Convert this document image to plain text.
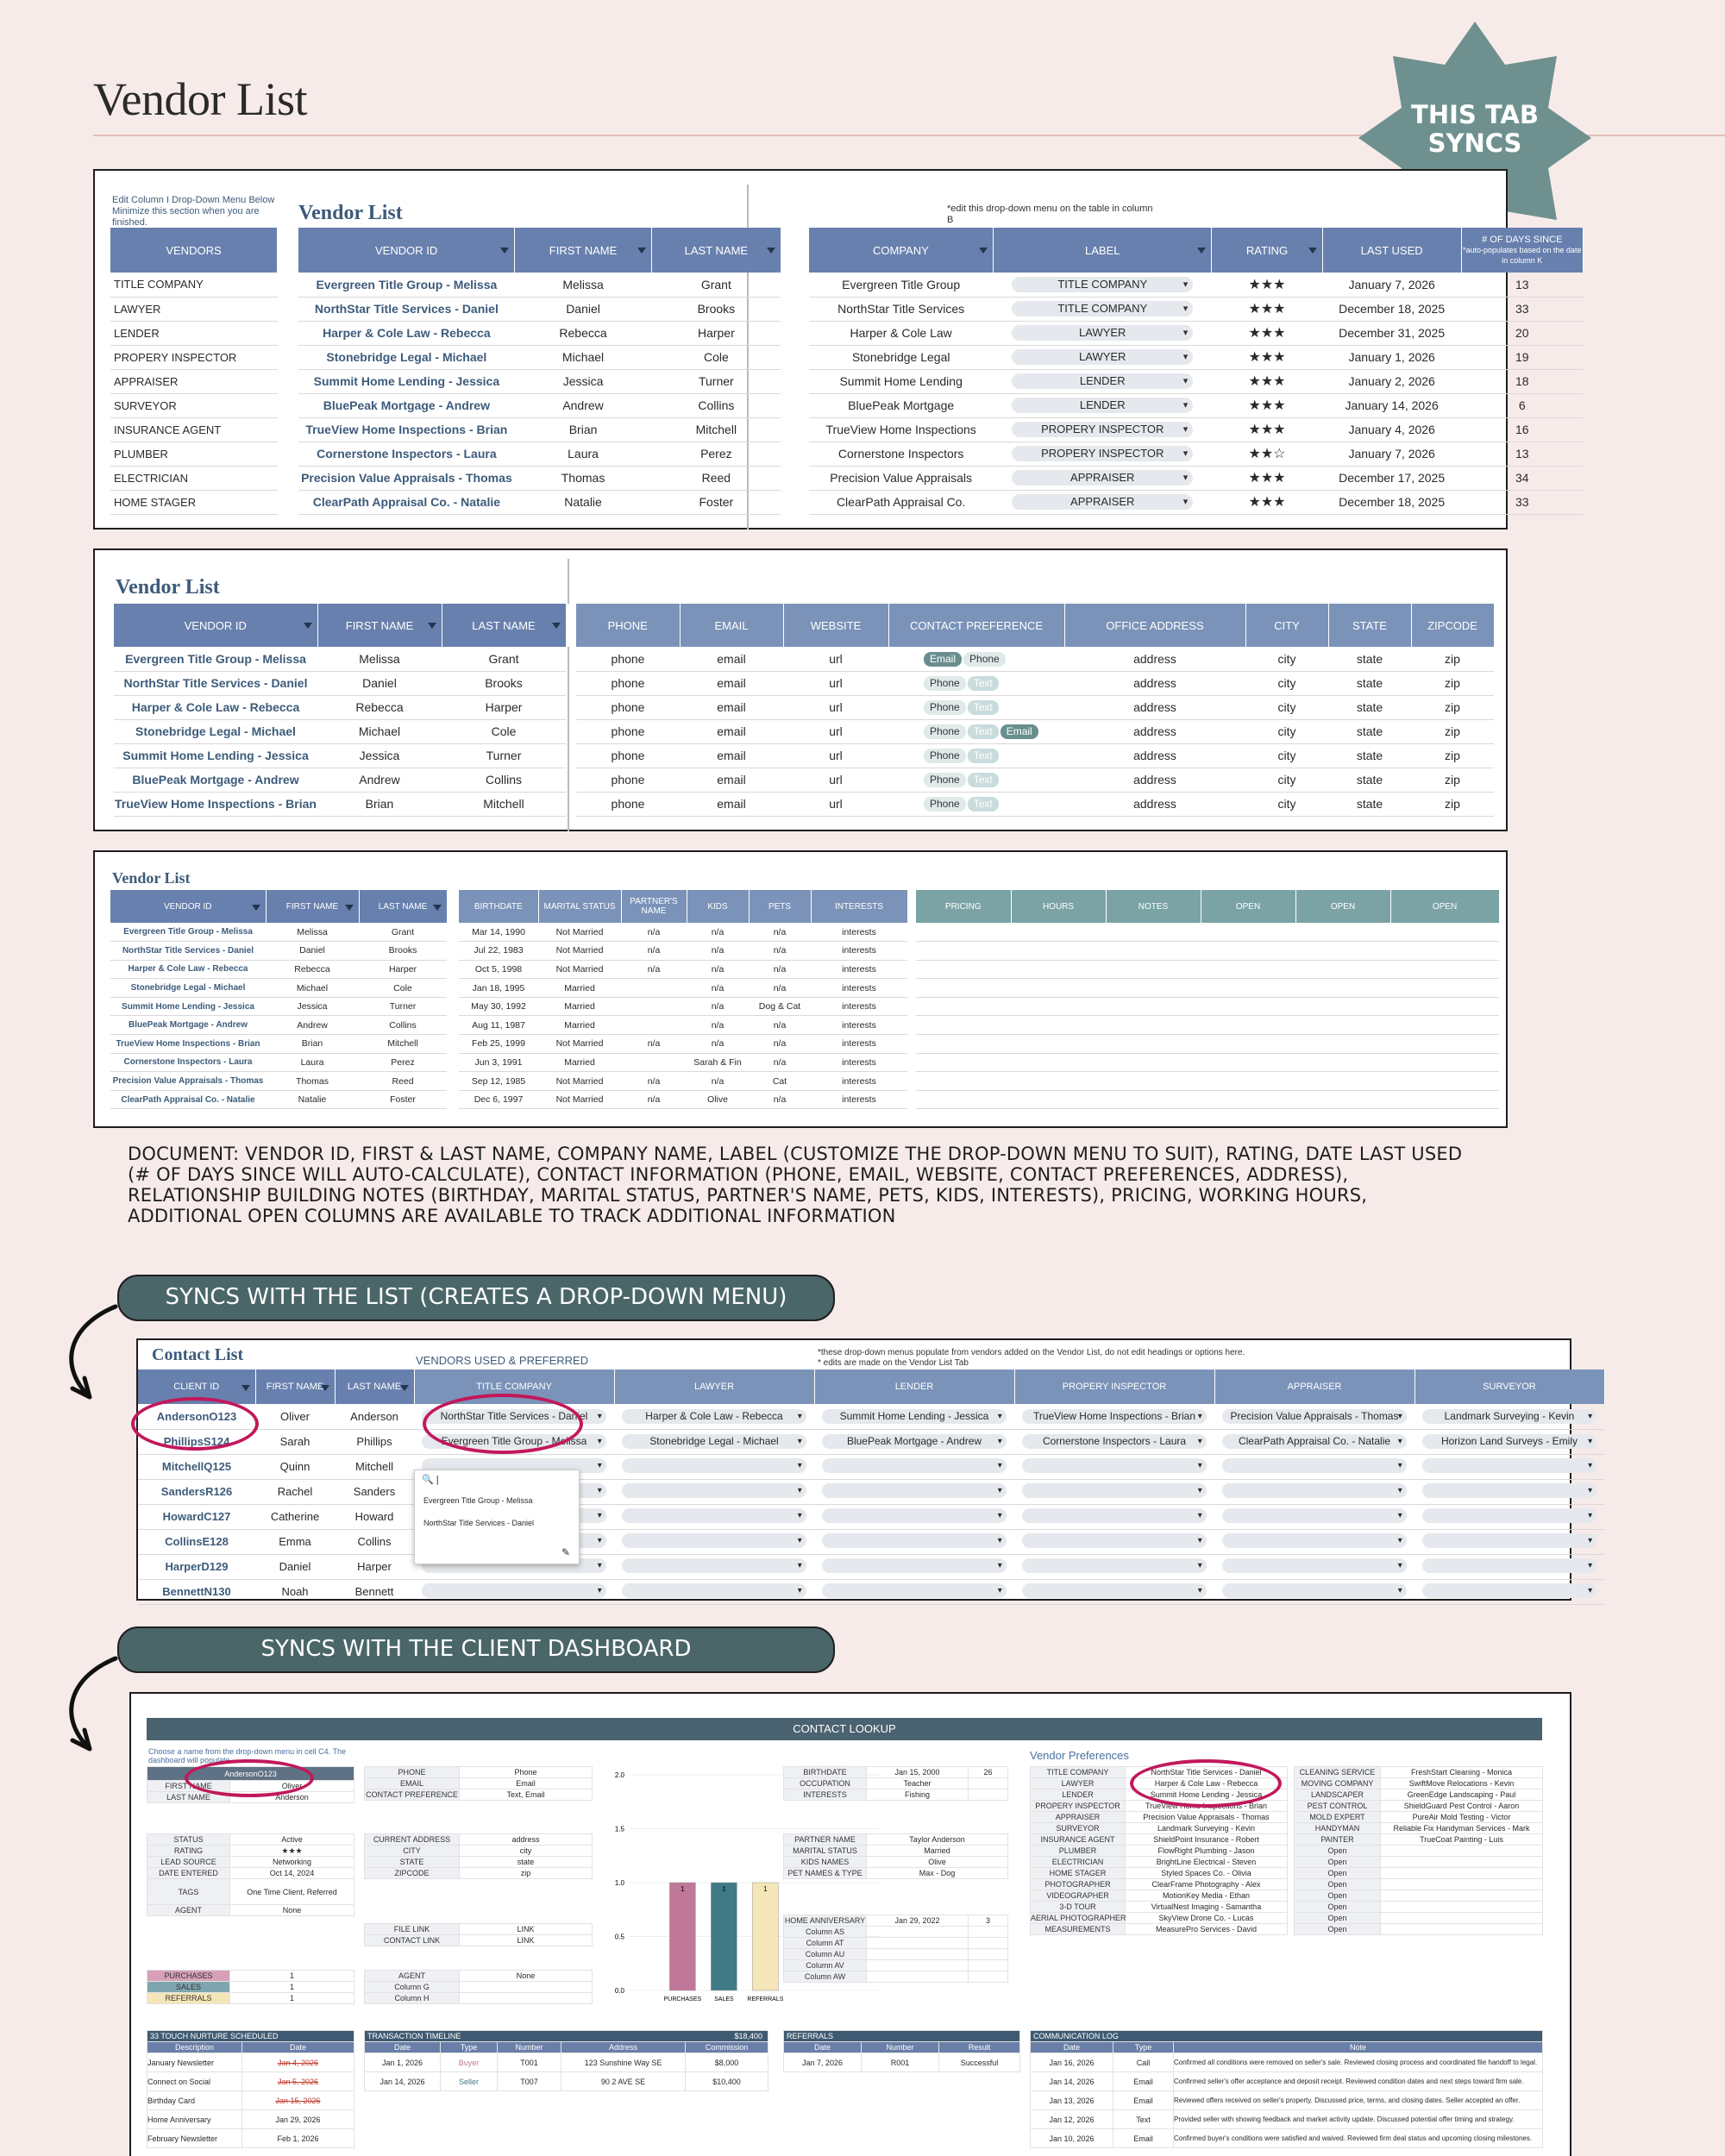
Vendor List	THIS TAB
SYNCS
Edit Column I Drop-Down Menu Below Minimize this section when you are finished.	Vendor List	*edit this drop-down menu on the table in column B
VENDORS
TITLE COMPANY
LAWYER
LENDER
PROPERY INSPECTOR
APPRAISER
SURVEYOR
INSURANCE AGENT
PLUMBER
ELECTRICIAN
HOME STAGER
VENDOR ID	FIRST NAME	LAST NAME		COMPANY	LABEL	RATING	LAST USED	# OF DAYS SINCE
*auto-populates based on the date in column K

Evergreen Title Group - Melissa	Melissa	Grant		Evergreen Title Group	TITLE COMPANY ▾	★★★	January 7, 2026	13
NorthStar Title Services - Daniel	Daniel	Brooks		NorthStar Title Services	TITLE COMPANY ▾	★★★	December 18, 2025	33
Harper & Cole Law - Rebecca	Rebecca	Harper		Harper & Cole Law	LAWYER ▾	★★★	December 31, 2025	20
Stonebridge Legal - Michael	Michael	Cole		Stonebridge Legal	LAWYER ▾	★★★	January 1, 2026	19
Summit Home Lending - Jessica	Jessica	Turner		Summit Home Lending	LENDER ▾	★★★	January 2, 2026	18
BluePeak Mortgage - Andrew	Andrew	Collins		BluePeak Mortgage	LENDER ▾	★★★	January 14, 2026	6
TrueView Home Inspections - Brian	Brian	Mitchell		TrueView Home Inspections	PROPERY INSPECTOR ▾	★★★	January 4, 2026	16
Cornerstone Inspectors - Laura	Laura	Perez		Cornerstone Inspectors	PROPERY INSPECTOR ▾	★★☆	January 7, 2026	13
Precision Value Appraisals - Thomas	Thomas	Reed		Precision Value Appraisals	APPRAISER ▾	★★★	December 17, 2025	34
ClearPath Appraisal Co. - Natalie	Natalie	Foster		ClearPath Appraisal Co.	APPRAISER ▾	★★★	December 18, 2025	33
Vendor List
VENDOR ID	FIRST NAME	LAST NAME		PHONE	EMAIL	WEBSITE	CONTACT PREFERENCE	OFFICE ADDRESS	CITY	STATE	ZIPCODE
Evergreen Title Group - Melissa	Melissa	Grant		phone	email	url	Email Phone	address	city	state	zip
NorthStar Title Services - Daniel	Daniel	Brooks		phone	email	url	Phone Text	address	city	state	zip
Harper & Cole Law - Rebecca	Rebecca	Harper		phone	email	url	Phone Text	address	city	state	zip
Stonebridge Legal - Michael	Michael	Cole		phone	email	url	Phone Text Email	address	city	state	zip
Summit Home Lending - Jessica	Jessica	Turner		phone	email	url	Phone Text	address	city	state	zip
BluePeak Mortgage - Andrew	Andrew	Collins		phone	email	url	Phone Text	address	city	state	zip
TrueView Home Inspections - Brian	Brian	Mitchell		phone	email	url	Phone Text	address	city	state	zip
Vendor List
VENDOR ID	FIRST NAME	LAST NAME		BIRTHDATE	MARITAL STATUS	PARTNER'S NAME	KIDS	PETS	INTERESTS		PRICING	HOURS	NOTES	OPEN	OPEN	OPEN
Evergreen Title Group - Melissa	Melissa	Grant		Mar 14, 1990	Not Married	n/a	n/a	n/a	interests							
NorthStar Title Services - Daniel	Daniel	Brooks		Jul 22, 1983	Not Married	n/a	n/a	n/a	interests							
Harper & Cole Law - Rebecca	Rebecca	Harper		Oct 5, 1998	Not Married	n/a	n/a	n/a	interests							
Stonebridge Legal - Michael	Michael	Cole		Jan 18, 1995	Married		n/a	n/a	interests							
Summit Home Lending - Jessica	Jessica	Turner		May 30, 1992	Married		n/a	Dog & Cat	interests							
BluePeak Mortgage - Andrew	Andrew	Collins		Aug 11, 1987	Married		n/a	n/a	interests							
TrueView Home Inspections - Brian	Brian	Mitchell		Feb 25, 1999	Not Married	n/a	n/a	n/a	interests							
Cornerstone Inspectors - Laura	Laura	Perez		Jun 3, 1991	Married		Sarah & Fin	n/a	interests							
Precision Value Appraisals - Thomas	Thomas	Reed		Sep 12, 1985	Not Married	n/a	n/a	Cat	interests							
ClearPath Appraisal Co. - Natalie	Natalie	Foster		Dec 6, 1997	Not Married	n/a	Olive	n/a	interests							
DOCUMENT: VENDOR ID, FIRST & LAST NAME, COMPANY NAME, LABEL (CUSTOMIZE THE DROP-DOWN MENU TO SUIT), RATING, DATE LAST USED (# OF DAYS SINCE WILL AUTO-CALCULATE), CONTACT INFORMATION (PHONE, EMAIL, WEBSITE, CONTACT PREFERENCES, ADDRESS), RELATIONSHIP BUILDING NOTES (BIRTHDAY, MARITAL STATUS, PARTNER'S NAME, PETS, KIDS, INTERESTS), PRICING, WORKING HOURS, ADDITIONAL OPEN COLUMNS ARE AVAILABLE TO TRACK ADDITIONAL INFORMATION
SYNCS WITH THE LIST (CREATES A DROP-DOWN MENU)
Contact List	VENDORS USED & PREFERRED
*these drop-down menus populate from vendors added on the Vendor List, do not edit headings or options here.
* edits are made on the Vendor List Tab
CLIENT ID	FIRST NAME	LAST NAME	TITLE COMPANY	LAWYER	LENDER	PROPERY INSPECTOR	APPRAISER	SURVEYOR
AndersonO123	Oliver	Anderson	NorthStar Title Services - Daniel ▾	Harper & Cole Law - Rebecca ▾	Summit Home Lending - Jessica ▾	TrueView Home Inspections - Brian ▾	Precision Value Appraisals - Thomas ▾	Landmark Surveying - Kevin ▾
PhillipsS124	Sarah	Phillips	Evergreen Title Group - Melissa ▾	Stonebridge Legal - Michael ▾	BluePeak Mortgage - Andrew ▾	Cornerstone Inspectors - Laura ▾	ClearPath Appraisal Co. - Natalie ▾	Horizon Land Surveys - Emily ▾
MitchellQ125	Quinn	Mitchell	▾	▾	▾	▾	▾	▾
SandersR126	Rachel	Sanders	▾	▾	▾	▾	▾	▾
HowardC127	Catherine	Howard	▾	▾	▾	▾	▾	▾
CollinsE128	Emma	Collins	▾	▾	▾	▾	▾	▾
HarperD129	Daniel	Harper	▾	▾	▾	▾	▾	▾
BennettN130	Noah	Bennett	▾	▾	▾	▾	▾	▾
🔍 |
Evergreen Title Group - Melissa
NorthStar Title Services - Daniel
✎
SYNCS WITH THE CLIENT DASHBOARD
CONTACT LOOKUP
Choose a name from the drop-down menu in cell C4. The dashboard will populate
AndersonO123	
FIRST NAME	Oliver
LAST NAME	Anderson
STATUS	Active
RATING	★★★
LEAD SOURCE	Networking
DATE ENTERED	Oct 14, 2024
TAGS	One Time Client, Referred
AGENT	None
PURCHASES	1
SALES	1
REFERRALS	1
PHONE	Phone
EMAIL	Email
CONTACT PREFERENCE	Text, Email
CURRENT ADDRESS	address
CITY	city
STATE	state
ZIPCODE	zip
FILE LINK	LINK
CONTACT LINK	LINK
AGENT	None
Column G	
Column H	
2.0
1.5
1.0
0.5
0.0
1
PURCHASES
1
SALES
1
REFERRALS
BIRTHDATE	Jan 15, 2000	26
OCCUPATION	Teacher	
INTERESTS	Fishing	
PARTNER NAME	Taylor Anderson
MARITAL STATUS	Married
KIDS NAMES	Olive
PET NAMES & TYPE	Max - Dog
HOME ANNIVERSARY	Jan 29, 2022	3
Column AS		
Column AT		
Column AU		
Column AV		
Column AW		
Vendor Preferences
TITLE COMPANY	NorthStar Title Services - Daniel
LAWYER	Harper & Cole Law - Rebecca
LENDER	Summit Home Lending - Jessica
PROPERY INSPECTOR	TrueView Home Inspections - Brian
APPRAISER	Precision Value Appraisals - Thomas
SURVEYOR	Landmark Surveying - Kevin
INSURANCE AGENT	ShieldPoint Insurance - Robert
PLUMBER	FlowRight Plumbing - Jason
ELECTRICIAN	BrightLine Electrical - Steven
HOME STAGER	Styled Spaces Co. - Olivia
PHOTOGRAPHER	ClearFrame Photography - Alex
VIDEOGRAPHER	MotionKey Media - Ethan
3-D TOUR	VirtualNest Imaging - Samantha
AERIAL PHOTOGRAPHER	SkyView Drone Co. - Lucas
MEASUREMENTS	MeasurePro Services - David
CLEANING SERVICE	FreshStart Cleaning - Monica
MOVING COMPANY	SwiftMove Relocations - Kevin
LANDSCAPER	GreenEdge Landscaping - Paul
PEST CONTROL	ShieldGuard Pest Control - Aaron
MOLD EXPERT	PureAir Mold Testing - Victor
HANDYMAN	Reliable Fix Handyman Services - Mark
PAINTER	TrueCoat Painting - Luis
Open	
Open	
Open	
Open	
Open	
Open	
Open	
Open	
33 TOUCH NURTURE SCHEDULED	
Description	Date
January Newsletter	Jan 4, 2026
Connect on Social	Jan 5, 2026
Birthday Card	Jan 15, 2026
Home Anniversary	Jan 29, 2026
February Newsletter	Feb 1, 2026
TRANSACTION TIMELINE $18,400				

Date	Type	Number	Address	Commission
Jan 1, 2026	Buyer	T001	123 Sunshine Way SE	$8,000
Jan 14, 2026	Seller	T007	90 2 AVE SE	$10,400
REFERRALS		
Date	Number	Result
Jan 7, 2026	R001	Successful
COMMUNICATION LOG		
Date	Type	Note
Jan 16, 2026	Call	Confirmed all conditions were removed on seller's sale. Reviewed closing process and coordinated file handoff to legal.
Jan 14, 2026	Email	Confirmed seller's offer acceptance and deposit receipt. Reviewed condition dates and next steps toward firm sale.
Jan 13, 2026	Email	Reviewed offers received on seller's property. Discussed price, terms, and closing dates. Seller accepted an offer.
Jan 12, 2026	Text	Provided seller with showing feedback and market activity update. Discussed potential offer timing and strategy.
Jan 10, 2026	Email	Confirmed buyer's conditions were satisfied and waived. Reviewed firm deal status and upcoming closing milestones.
